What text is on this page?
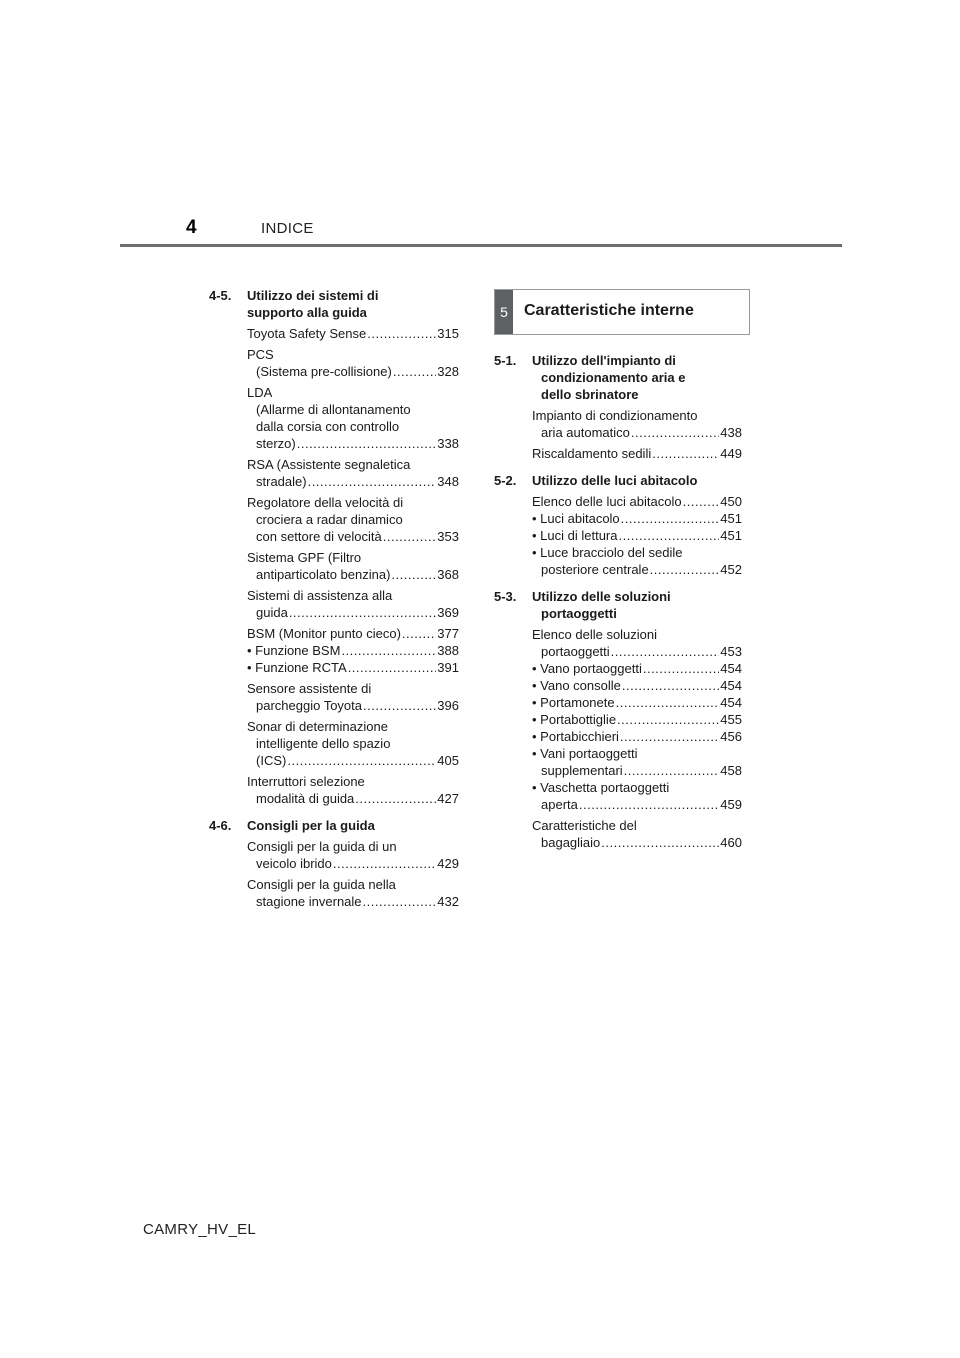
4	INDICE
4-5.	Utilizzo dei sistemi di supporto alla guida
Toyota Safety Sense .....	315
PCS
(Sistema pre-collisione) .....	328
LDA
(Allarme di allontanamento
dalla corsia con controllo
sterzo) .....	338
RSA (Assistente segnaletica
stradale) .....	348
Regolatore della velocità di
crociera a radar dinamico
con settore di velocità .....	353
Sistema GPF (Filtro
antiparticolato benzina) .....	368
Sistemi di assistenza alla
guida .....	369
BSM (Monitor punto cieco) .....	377
• Funzione BSM .....	388
• Funzione RCTA .....	391
Sensore assistente di
parcheggio Toyota .....	396
Sonar di determinazione
intelligente dello spazio
(ICS) .....	405
Interruttori selezione
modalità di guida .....	427
4-6.	Consigli per la guida
Consigli per la guida di un
veicolo ibrido .....	429
Consigli per la guida nella
stagione invernale .....	432
5	Caratteristiche interne
5-1.	Utilizzo dell'impianto di
condizionamento aria e
dello sbrinatore
Impianto di condizionamento
aria automatico .....	438
Riscaldamento sedili .....	449
5-2.	Utilizzo delle luci abitacolo
Elenco delle luci abitacolo .....	450
• Luci abitacolo .....	451
• Luci di lettura .....	451
• Luce bracciolo del sedile
posteriore centrale .....	452
5-3.	Utilizzo delle soluzioni
portaoggetti
Elenco delle soluzioni
portaoggetti .....	453
• Vano portaoggetti .....	454
• Vano consolle .....	454
• Portamonete .....	454
• Portabottiglie .....	455
• Portabicchieri .....	456
• Vani portaoggetti
supplementari .....	458
• Vaschetta portaoggetti
aperta .....	459
Caratteristiche del
bagagliaio .....	460
CAMRY_HV_EL
